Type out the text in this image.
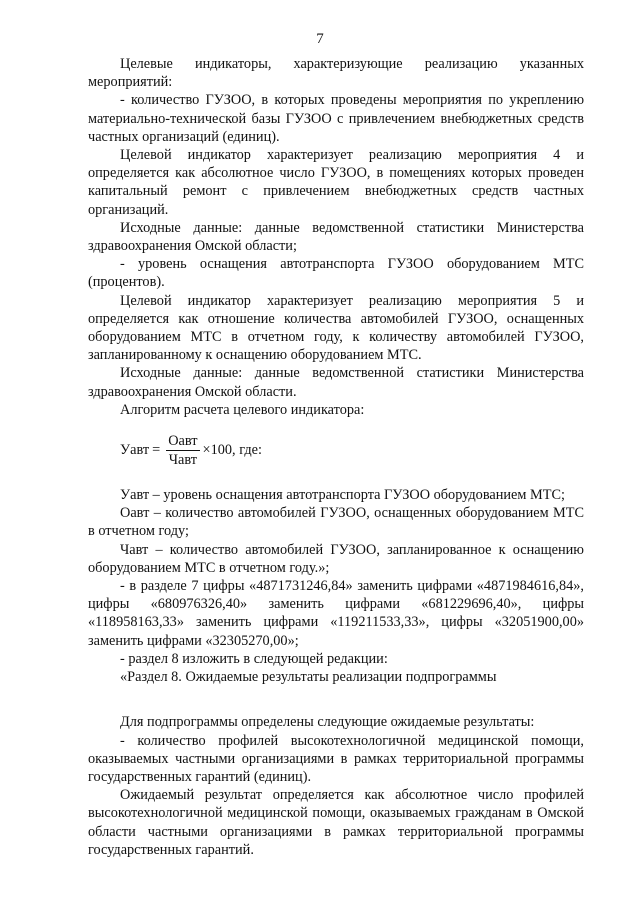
7

Целевые индикаторы, характеризующие реализацию указанных мероприятий:

- количество ГУЗОО, в которых проведены мероприятия по укреплению материально-технической базы ГУЗОО с привлечением внебюджетных средств частных организаций (единиц).

Целевой индикатор характеризует реализацию мероприятия 4 и определяется как абсолютное число ГУЗОО, в помещениях которых проведен капитальный ремонт с привлечением внебюджетных средств частных организаций.

Исходные данные: данные ведомственной статистики Министерства здравоохранения Омской области;

- уровень оснащения автотранспорта ГУЗОО оборудованием МТС (процентов).

Целевой индикатор характеризует реализацию мероприятия 5 и определяется как отношение количества автомобилей ГУЗОО, оснащенных оборудованием МТС в отчетном году, к количеству автомобилей ГУЗОО, запланированному к оснащению оборудованием МТС.

Исходные данные: данные ведомственной статистики Министерства здравоохранения Омской области.

Алгоритм расчета целевого индикатора:

Уавт = $\frac{\text{Оавт}}{\text{Чавт}} \times 100$ , где:

Уавт – уровень оснащения автотранспорта ГУЗОО оборудованием МТС;

Оавт – количество автомобилей ГУЗОО, оснащенных оборудованием МТС в отчетном году;

Чавт – количество автомобилей ГУЗОО, запланированное к оснащению оборудованием МТС в отчетном году.»;

- в разделе 7 цифры «4871731246,84» заменить цифрами «4871984616,84», цифры «680976326,40» заменить цифрами «681229696,40», цифры «118958163,33» заменить цифрами «119211533,33», цифры «32051900,00» заменить цифрами «32305270,00»;

- раздел 8 изложить в следующей редакции:

«Раздел 8. Ожидаемые результаты реализации подпрограммы

Для подпрограммы определены следующие ожидаемые результаты:

- количество профилей высокотехнологичной медицинской помощи, оказываемых частными организациями в рамках территориальной программы государственных гарантий (единиц).

Ожидаемый результат определяется как абсолютное число профилей высокотехнологичной медицинской помощи, оказываемых гражданам в Омской области частными организациями в рамках территориальной программы государственных гарантий.
